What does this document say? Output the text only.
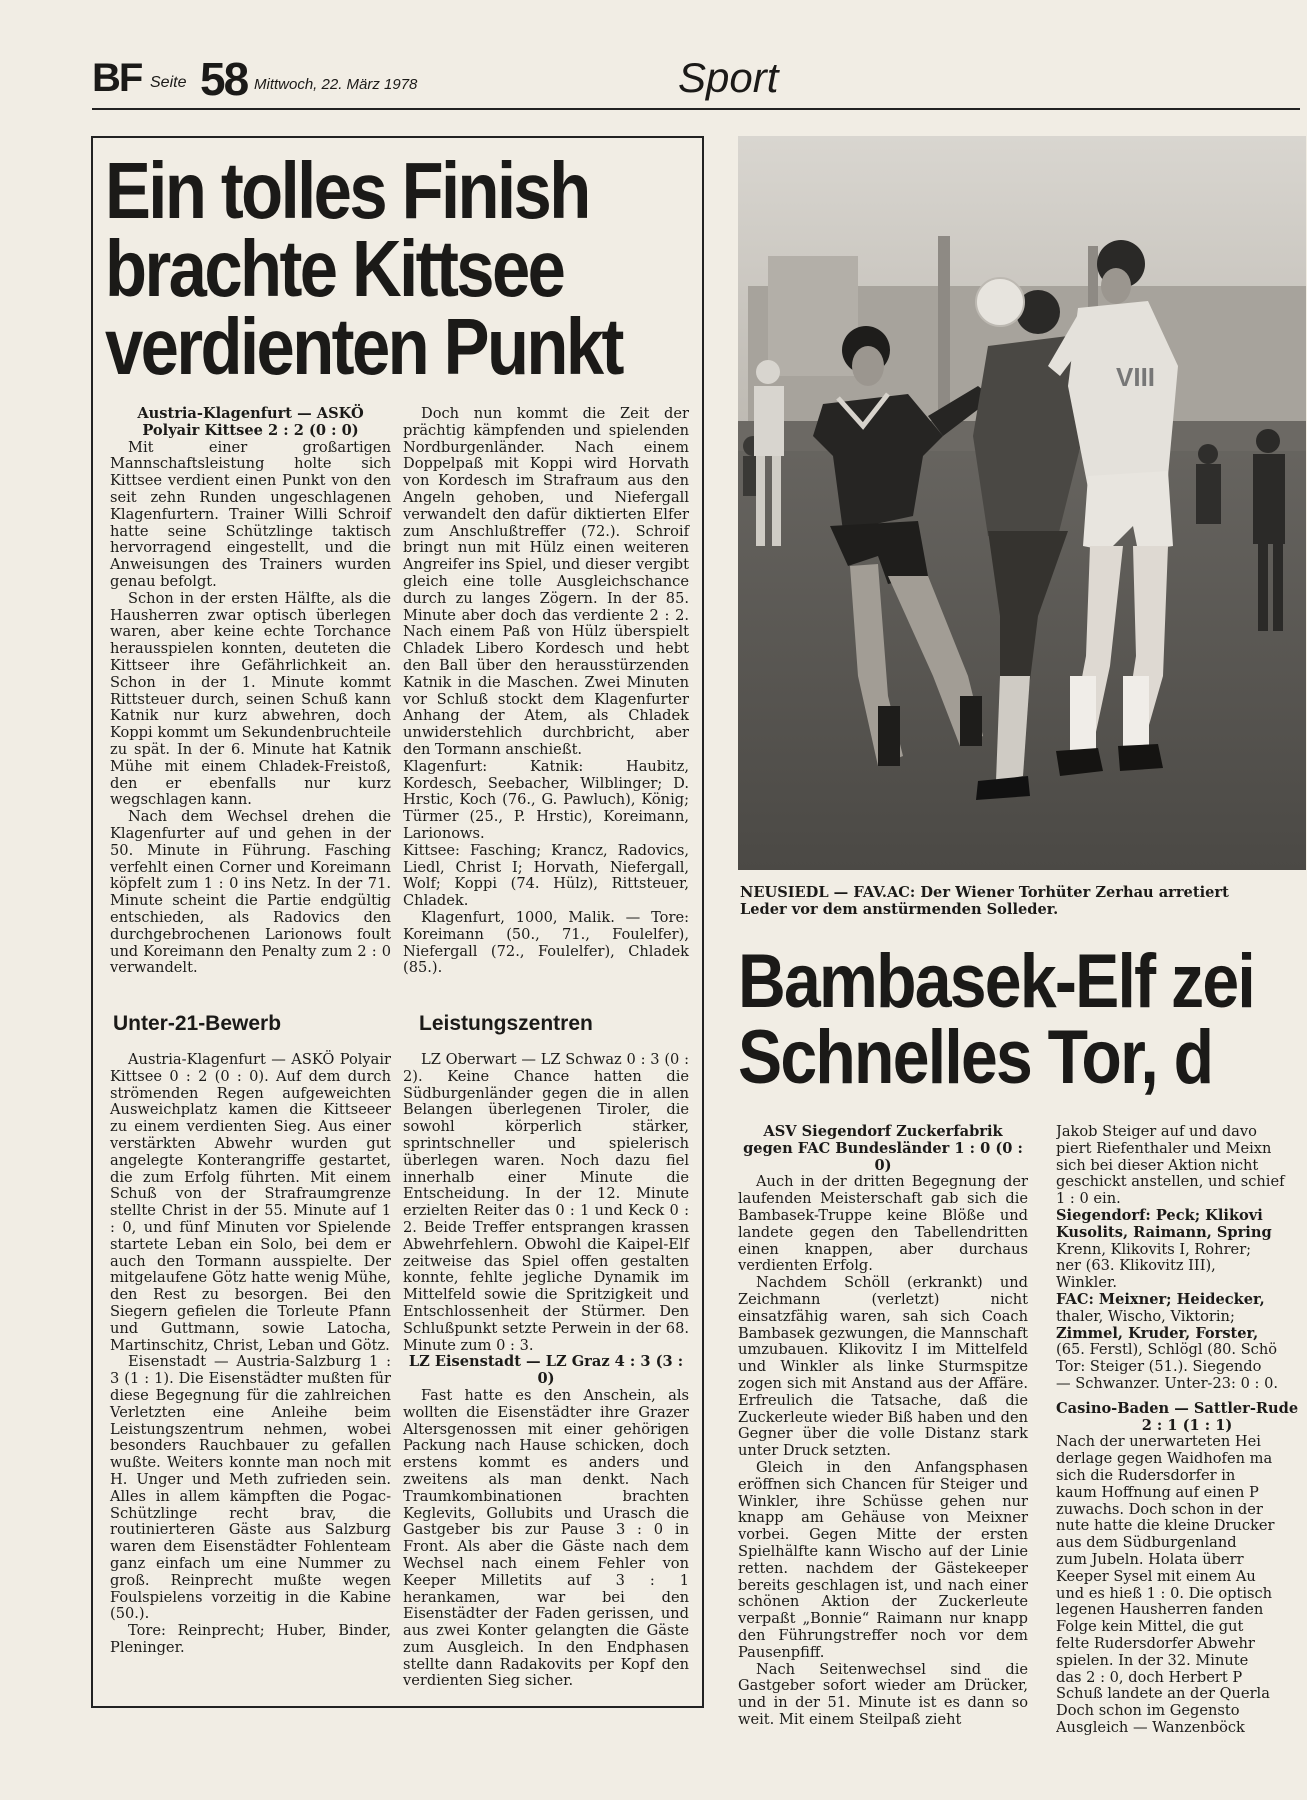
BF Seite 58 Mittwoch, 22. März 1978	Sport
Ein tolles Finish
brachte Kittsee
verdienten Punkt

Austria-Klagenfurt — ASKÖ Polyair Kittsee 2 : 2 (0 : 0)

Mit einer großartigen Mannschaftsleistung holte sich Kittsee verdient einen Punkt von den seit zehn Runden ungeschlagenen Klagenfurtern. Trainer Willi Schroif hatte seine Schützlinge taktisch hervorragend eingestellt, und die Anweisungen des Trainers wurden genau befolgt.

Schon in der ersten Hälfte, als die Hausherren zwar optisch überlegen waren, aber keine echte Torchance herausspielen konnten, deuteten die Kittseer ihre Gefährlichkeit an. Schon in der 1. Minute kommt Rittsteuer durch, seinen Schuß kann Katnik nur kurz abwehren, doch Koppi kommt um Sekundenbruchteile zu spät. In der 6. Minute hat Katnik Mühe mit einem Chladek-Freistoß, den er ebenfalls nur kurz wegschlagen kann.

Nach dem Wechsel drehen die Klagenfurter auf und gehen in der 50. Minute in Führung. Fasching verfehlt einen Corner und Koreimann köpfelt zum 1 : 0 ins Netz. In der 71. Minute scheint die Partie endgültig entschieden, als Radovics den durchgebrochenen Larionows foult und Koreimann den Penalty zum 2 : 0 verwandelt.

Doch nun kommt die Zeit der prächtig kämpfenden und spielenden Nordburgenländer. Nach einem Doppelpaß mit Koppi wird Horvath von Kordesch im Strafraum aus den Angeln gehoben, und Niefergall verwandelt den dafür diktierten Elfer zum Anschlußtreffer (72.). Schroif bringt nun mit Hülz einen weiteren Angreifer ins Spiel, und dieser vergibt gleich eine tolle Ausgleichschance durch zu langes Zögern. In der 85. Minute aber doch das verdiente 2 : 2. Nach einem Paß von Hülz überspielt Chladek Libero Kordesch und hebt den Ball über den herausstürzenden Katnik in die Maschen. Zwei Minuten vor Schluß stockt dem Klagenfurter Anhang der Atem, als Chladek unwiderstehlich durchbricht, aber den Tormann anschießt.

Klagenfurt: Katnik: Haubitz, Kordesch, Seebacher, Wilblinger; D. Hrstic, Koch (76., G. Pawluch), König; Türmer (25., P. Hrstic), Koreimann, Larionows.

Kittsee: Fasching; Krancz, Radovics, Liedl, Christ I; Horvath, Niefergall, Wolf; Koppi (74. Hülz), Rittsteuer, Chladek.

Klagenfurt, 1000, Malik. — Tore: Koreimann (50., 71., Foulelfer), Niefergall (72., Foulelfer), Chladek (85.).

Unter-21-Bewerb	Leistungszentren

Austria-Klagenfurt — ASKÖ Polyair Kittsee 0 : 2 (0 : 0). Auf dem durch strömenden Regen aufgeweichten Ausweichplatz kamen die Kittseeer zu einem verdienten Sieg. Aus einer verstärkten Abwehr wurden gut angelegte Konterangriffe gestartet, die zum Erfolg führten. Mit einem Schuß von der Strafraumgrenze stellte Christ in der 55. Minute auf 1 : 0, und fünf Minuten vor Spielende startete Leban ein Solo, bei dem er auch den Tormann ausspielte. Der mitgelaufene Götz hatte wenig Mühe, den Rest zu besorgen. Bei den Siegern gefielen die Torleute Pfann und Guttmann, sowie Latocha, Martinschitz, Christ, Leban und Götz.

Eisenstadt — Austria-Salzburg 1 : 3 (1 : 1). Die Eisenstädter mußten für diese Begegnung für die zahlreichen Verletzten eine Anleihe beim Leistungszentrum nehmen, wobei besonders Rauchbauer zu gefallen wußte. Weiters konnte man noch mit H. Unger und Meth zufrieden sein. Alles in allem kämpften die Pogac-Schützlinge recht brav, die routinierteren Gäste aus Salzburg waren dem Eisenstädter Fohlenteam ganz einfach um eine Nummer zu groß. Reinprecht mußte wegen Foulspielens vorzeitig in die Kabine (50.).

Tore: Reinprecht; Huber, Binder, Pleninger.

LZ Oberwart — LZ Schwaz 0 : 3 (0 : 2). Keine Chance hatten die Südburgenländer gegen die in allen Belangen überlegenen Tiroler, die sowohl körperlich stärker, sprintschneller und spielerisch überlegen waren. Noch dazu fiel innerhalb einer Minute die Entscheidung. In der 12. Minute erzielten Reiter das 0 : 1 und Keck 0 : 2. Beide Treffer entsprangen krassen Abwehrfehlern. Obwohl die Kaipel-Elf zeitweise das Spiel offen gestalten konnte, fehlte jegliche Dynamik im Mittelfeld sowie die Spritzigkeit und Entschlossenheit der Stürmer. Den Schlußpunkt setzte Perwein in der 68. Minute zum 0 : 3.

LZ Eisenstadt — LZ Graz 4 : 3 (3 : 0)

Fast hatte es den Anschein, als wollten die Eisenstädter ihre Grazer Altersgenossen mit einer gehörigen Packung nach Hause schicken, doch erstens kommt es anders und zweitens als man denkt. Nach Traumkombinationen brachten Keglevits, Gollubits und Urasch die Gastgeber bis zur Pause 3 : 0 in Front. Als aber die Gäste nach dem Wechsel nach einem Fehler von Keeper Milletits auf 3 : 1 herankamen, war bei den Eisenstädter der Faden gerissen, und aus zwei Konter gelangten die Gäste zum Ausgleich. In den Endphasen stellte dann Radakovits per Kopf den verdienten Sieg sicher.

VIII
NEUSIEDL — FAV.AC: Der Wiener Torhüter Zerhau arretiert
Leder vor dem anstürmenden Solleder.
Bambasek-Elf zei
Schnelles Tor, d

ASV Siegendorf Zuckerfabrik gegen FAC Bundesländer 1 : 0 (0 : 0)

Auch in der dritten Begegnung der laufenden Meisterschaft gab sich die Bambasek-Truppe keine Blöße und landete gegen den Tabellendritten einen knappen, aber durchaus verdienten Erfolg.

Nachdem Schöll (erkrankt) und Zeichmann (verletzt) nicht einsatzfähig waren, sah sich Coach Bambasek gezwungen, die Mannschaft umzubauen. Klikovitz I im Mittelfeld und Winkler als linke Sturmspitze zogen sich mit Anstand aus der Affäre. Erfreulich die Tatsache, daß die Zuckerleute wieder Biß haben und den Gegner über die volle Distanz stark unter Druck setzten.

Gleich in den Anfangsphasen eröffnen sich Chancen für Steiger und Winkler, ihre Schüsse gehen nur knapp am Gehäuse von Meixner vorbei. Gegen Mitte der ersten Spielhälfte kann Wischo auf der Linie retten. nachdem der Gästekeeper bereits geschlagen ist, und nach einer schönen Aktion der Zuckerleute verpaßt „Bonnie“ Raimann nur knapp den Führungstreffer noch vor dem Pausenpfiff.

Nach Seitenwechsel sind die Gastgeber sofort wieder am Drücker, und in der 51. Minute ist es dann so weit. Mit einem Steilpaß zieht

Jakob Steiger auf und davo

piert Riefenthaler und Meixn

sich bei dieser Aktion nicht

geschickt anstellen, und schief

1 : 0 ein.

Siegendorf: Peck; Klikovi

Kusolits, Raimann, Spring

Krenn, Klikovits I, Rohrer;

ner (63. Klikovitz III),

Winkler.

FAC: Meixner; Heidecker,

thaler, Wischo, Viktorin;

Zimmel, Kruder, Forster,

(65. Ferstl), Schlögl (80. Schö

Tor: Steiger (51.). Siegendo

— Schwanzer. Unter-23: 0 : 0.

Casino-Baden — Sattler-Rude

2 : 1 (1 : 1)

Nach der unerwarteten Hei

derlage gegen Waidhofen ma

sich die Rudersdorfer in

kaum Hoffnung auf einen P

zuwachs. Doch schon in der

nute hatte die kleine Drucker

aus dem Südburgenland

zum Jubeln. Holata überr

Keeper Sysel mit einem Au

und es hieß 1 : 0. Die optisch

legenen Hausherren fanden

Folge kein Mittel, die gut

felte Rudersdorfer Abwehr

spielen. In der 32. Minute

das 2 : 0, doch Herbert P

Schuß landete an der Querla

Doch schon im Gegensto

Ausgleich — Wanzenböck
